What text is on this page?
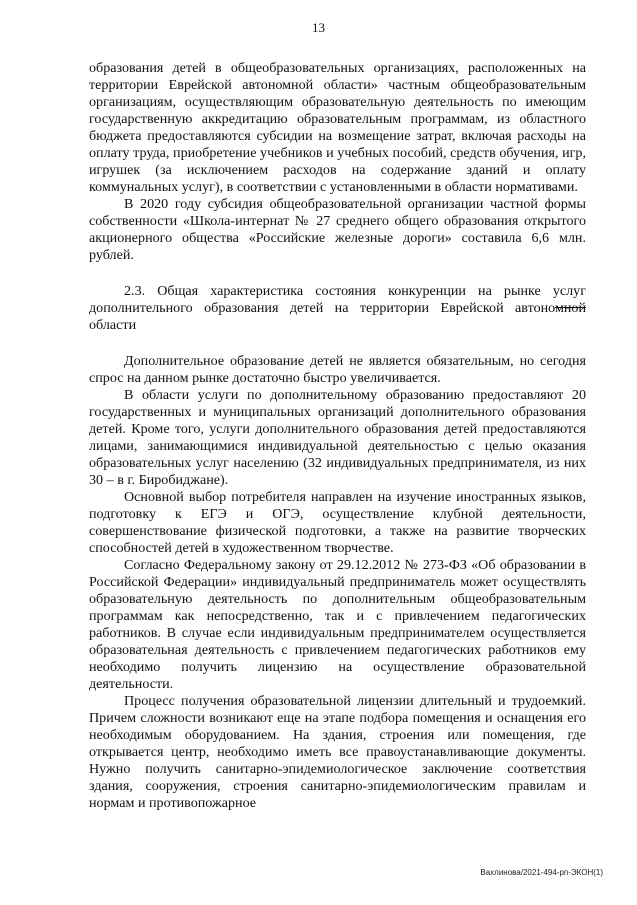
13

образования детей в общеобразовательных организациях, расположенных на территории Еврейской автономной области» частным общеобразовательным организациям, осуществляющим образовательную деятельность по имеющим государственную аккредитацию образовательным программам, из областного бюджета предоставляются субсидии на возмещение затрат, включая расходы на оплату труда, приобретение учебников и учебных пособий, средств обучения, игр, игрушек (за исключением расходов на содержание зданий и оплату коммунальных услуг), в соответствии с установленными в области нормативами.

В 2020 году субсидия общеобразовательной организации частной формы собственности «Школа-интернат № 27 среднего общего образования открытого акционерного общества «Российские железные дороги» составила 6,6 млн. рублей.

2.3. Общая характеристика состояния конкуренции на рынке услуг дополнительного образования детей на территории Еврейской автономной области

Дополнительное образование детей не является обязательным, но сегодня спрос на данном рынке достаточно быстро увеличивается.

В области услуги по дополнительному образованию предоставляют 20 государственных и муниципальных организаций дополнительного образования детей. Кроме того, услуги дополнительного образования детей предоставляются лицами, занимающимися индивидуальной деятельностью с целью оказания образовательных услуг населению (32 индивидуальных предпринимателя, из них 30 – в г. Биробиджане).

Основной выбор потребителя направлен на изучение иностранных языков, подготовку к ЕГЭ и ОГЭ, осуществление клубной деятельности, совершенствование физической подготовки, а также на развитие творческих способностей детей в художественном творчестве.

Согласно Федеральному закону от 29.12.2012 № 273-ФЗ «Об образовании в Российской Федерации» индивидуальный предприниматель может осуществлять образовательную деятельность по дополнительным общеобразовательным программам как непосредственно, так и с привлечением педагогических работников. В случае если индивидуальным предпринимателем осуществляется образовательная деятельность с привлечением педагогических работников ему необходимо получить лицензию на осуществление образовательной деятельности.

Процесс получения образовательной лицензии длительный и трудоемкий. Причем сложности возникают еще на этапе подбора помещения и оснащения его необходимым оборудованием. На здания, строения или помещения, где открывается центр, необходимо иметь все правоустанавливающие документы. Нужно получить санитарно-эпидемиологическое заключение соответствия здания, сооружения, строения санитарно-эпидемиологическим правилам и нормам и противопожарное

Вахлинова/2021-494-рп-ЭКОН(1)
